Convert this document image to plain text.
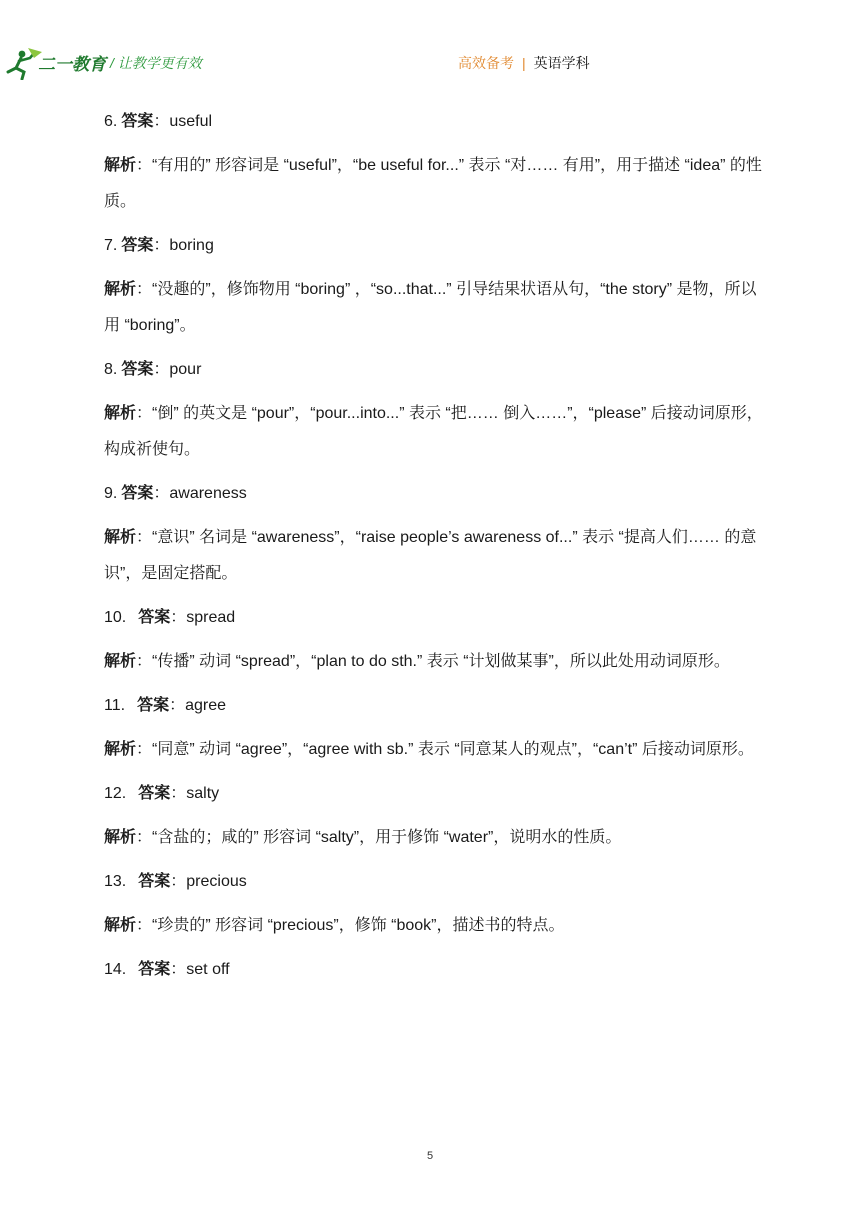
二一教育 / 让教学更有效	高效备考 | 英语学科
6. 答案：useful
解析：“有用的” 形容词是 “useful”，“be useful for...” 表示 “对…… 有用”，用于描述 “idea” 的性质。
7. 答案：boring
解析：“没趣的”，修饰物用 “boring” ，“so...that...” 引导结果状语从句，“the story” 是物，所以用 “boring”。
8. 答案：pour
解析：“倒” 的英文是 “pour”，“pour...into...” 表示 “把…… 倒入……”，“please” 后接动词原形，构成祈使句。
9. 答案：awareness
解析：“意识” 名词是 “awareness”，“raise people’s awareness of...” 表示 “提高人们…… 的意识”，是固定搭配。
10. 答案：spread
解析：“传播” 动词 “spread”，“plan to do sth.” 表示 “计划做某事”，所以此处用动词原形。
11. 答案：agree
解析：“同意” 动词 “agree”，“agree with sb.” 表示 “同意某人的观点”，“can’t” 后接动词原形。
12. 答案：salty
解析：“含盐的；咸的” 形容词 “salty”，用于修饰 “water”，说明水的性质。
13. 答案：precious
解析：“珍贵的” 形容词 “precious”，修饰 “book”，描述书的特点。
14. 答案：set off
5
